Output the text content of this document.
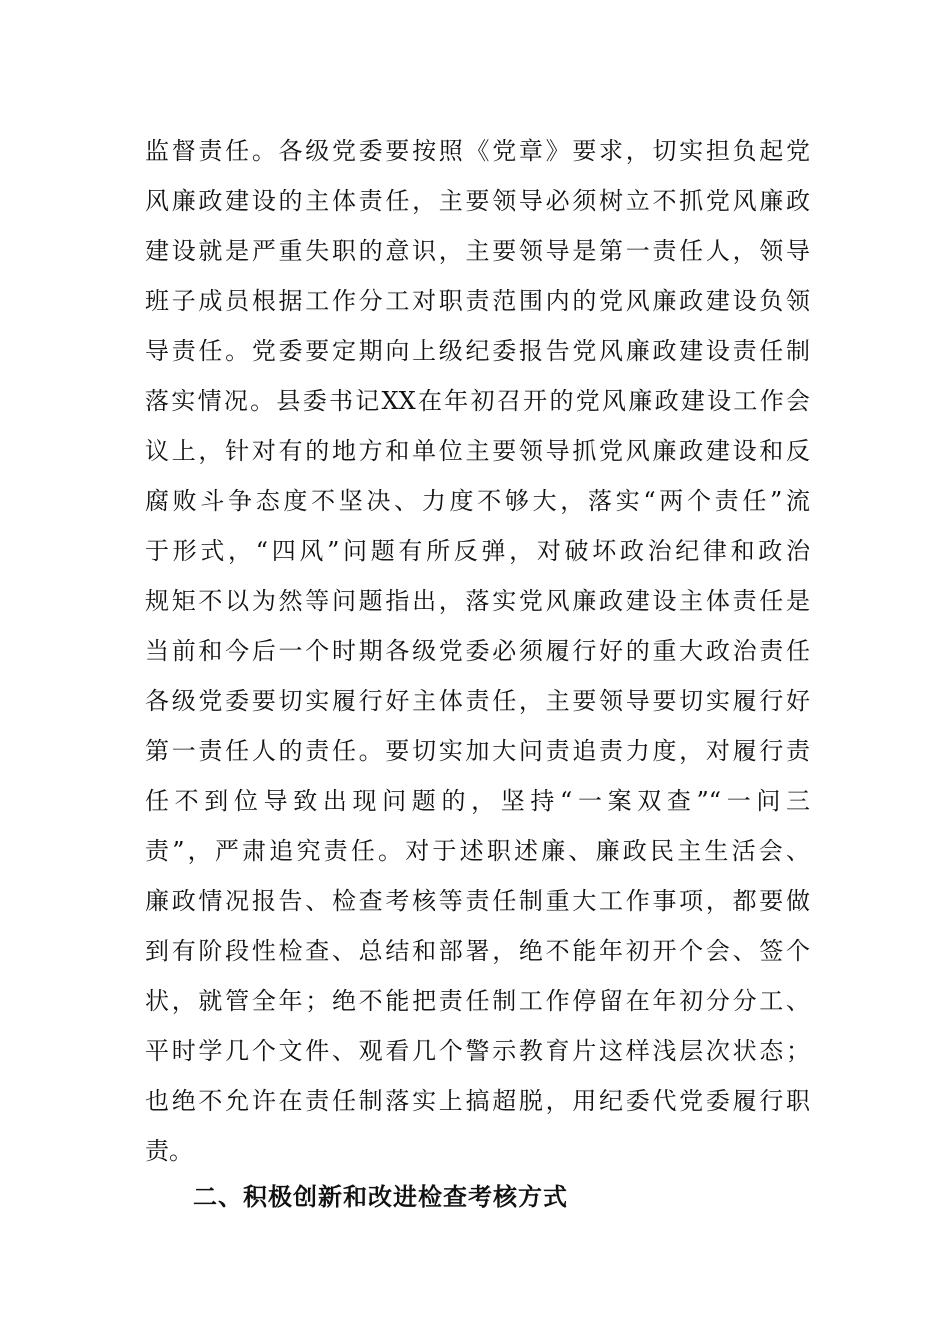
监督责任。各级党委要按照《党章》要求，切实担负起党
风廉政建设的主体责任，主要领导必须树立不抓党风廉政
建设就是严重失职的意识，主要领导是第一责任人，领导
班子成员根据工作分工对职责范围内的党风廉政建设负领
导责任。党委要定期向上级纪委报告党风廉政建设责任制
落实情况。县委书记XX在年初召开的党风廉政建设工作会
议上，针对有的地方和单位主要领导抓党风廉政建设和反
腐败斗争态度不坚决、力度不够大，落实“两个责任”流
于形式，“四风”问题有所反弹，对破坏政治纪律和政治
规矩不以为然等问题指出，落实党风廉政建设主体责任是
当前和今后一个时期各级党委必须履行好的重大政治责任
各级党委要切实履行好主体责任，主要领导要切实履行好
第一责任人的责任。要切实加大问责追责力度，对履行责
任不到位导致出现问题的，坚持“一案双查”“一问三
责”，严肃追究责任。对于述职述廉、廉政民主生活会、
廉政情况报告、检查考核等责任制重大工作事项，都要做
到有阶段性检查、总结和部署，绝不能年初开个会、签个
状，就管全年；绝不能把责任制工作停留在年初分分工、
平时学几个文件、观看几个警示教育片这样浅层次状态；
也绝不允许在责任制落实上搞超脱，用纪委代党委履行职
责。
二、积极创新和改进检查考核方式
